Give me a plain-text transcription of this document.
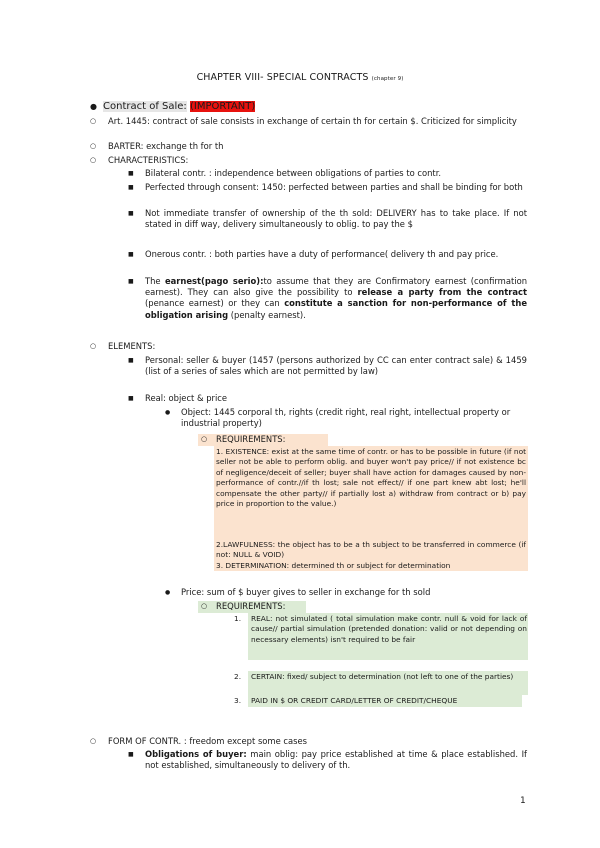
CHAPTER VIII- SPECIAL CONTRACTS (chapter 9)
● Contract of Sale: (IMPORTANT)
○ Art. 1445: contract of sale consists in exchange of certain th for certain $. Criticized for simplicity
○ BARTER: exchange th for th
○ CHARACTERISTICS:
■ Bilateral contr. : independence between obligations of parties to contr.
■ Perfected through consent: 1450: perfected between parties and shall be binding for both
■ Not immediate transfer of ownership of the th sold: DELIVERY has to take place. If not stated in diff way, delivery simultaneously to oblig. to pay the $
■ Onerous contr. : both parties have a duty of performance( delivery th and pay price.
■ The earnest(pago serio):to assume that they are Confirmatory earnest (confirmation earnest). They can also give the possibility to release a party from the contract (penance earnest) or they can constitute a sanction for non-performance of the obligation arising (penalty earnest).
○ ELEMENTS:
■ Personal: seller & buyer (1457 (persons authorized by CC can enter contract sale) & 1459 (list of a series of sales which are not permitted by law)
■ Real: object & price
● Object: 1445 corporal th, rights (credit right, real right, intellectual property or industrial property)
○ REQUIREMENTS:
1. EXISTENCE: exist at the same time of contr. or has to be possible in future (if not seller not be able to perform oblig. and buyer won't pay price// if not existence bc of negligence/deceit of seller; buyer shall have action for damages caused by non-performance of contr.//if th lost; sale not effect// if one part knew abt lost; he'll compensate the other party// if partially lost a) withdraw from contract or b) pay price in proportion to the value.)
2.LAWFULNESS: the object has to be a th subject to be transferred in commerce (if not: NULL & VOID)
3. DETERMINATION: determined th or subject for determination
● Price: sum of $ buyer gives to seller in exchange for th sold
○ REQUIREMENTS:
1.	REAL: not simulated ( total simulation make contr. null & void for lack of cause// partial simulation (pretended donation: valid or not depending on necessary elements) isn't required to be fair
2.	CERTAIN: fixed/ subject to determination (not left to one of the parties)
3.	PAID IN $ OR CREDIT CARD/LETTER OF CREDIT/CHEQUE
○ FORM OF CONTR. : freedom except some cases
■ Obligations of buyer: main oblig: pay price established at time & place established. If not established, simultaneously to delivery of th.
1
